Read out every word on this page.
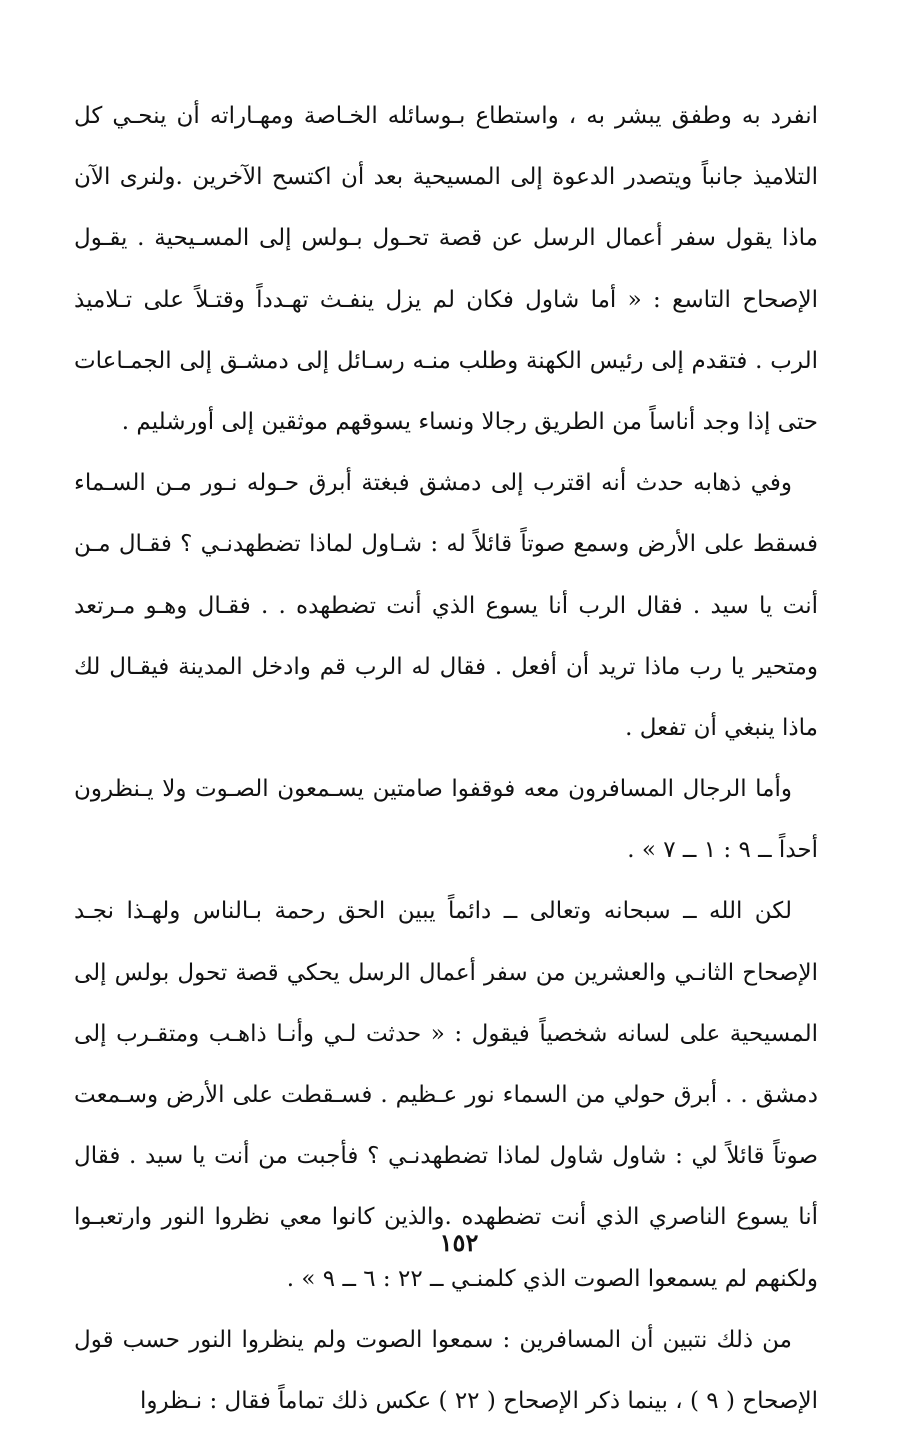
انفرد به وطفق يبشر به ، واستطاع بـوسائله الخـاصة ومهـاراته أن ينحـي كل
التلاميذ جانباً ويتصدر الدعوة إلى المسيحية بعد أن اكتسح الآخرين .ولنرى الآن
ماذا يقول سفر أعمال الرسل عن قصة تحـول بـولس إلى المسـيحية . يقـول
الإصحاح التاسع : « أما شاول فكان لم يزل ينفـث تهـدداً وقتـلاً على تـلاميذ
الرب . فتقدم إلى رئيس الكهنة وطلب منـه رسـائل إلى دمشـق إلى الجمـاعات
حتى إذا وجد أناساً من الطريق رجالا ونساء يسوقهم موثقين إلى أورشليم .
وفي ذهابه حدث أنه اقترب إلى دمشق فبغتة أبرق حـوله نـور مـن السـماء
فسقط على الأرض وسمع صوتاً قائلاً له : شـاول لماذا تضطهدنـي ؟ فقـال مـن
أنت يا سيد . فقال الرب أنا يسوع الذي أنت تضطهده . . فقـال وهـو مـرتعد
ومتحير يا رب ماذا تريد أن أفعل . فقال له الرب قم وادخل المدينة فيقـال لك
ماذا ينبغي أن تفعل .
وأما الرجال المسافرون معه فوقفوا صامتين يسـمعون الصـوت ولا يـنظرون
أحداً ــ ٩ : ١ ــ ٧ » .
لكن الله ــ سبحانه وتعالى ــ دائماً يبين الحق رحمة بـالناس ولهـذا نجـد
الإصحاح الثانـي والعشرين من سفر أعمال الرسل يحكي قصة تحول بولس إلى
المسيحية على لسانه شخصياً فيقول : « حدثت لـي وأنـا ذاهـب ومتقـرب إلى
دمشق . . أبرق حولي من السماء نور عـظيم . فسـقطت على الأرض وسـمعت
صوتاً قائلاً لي : شاول شاول لماذا تضطهدنـي ؟ فأجبت من أنت يا سيد . فقال
أنا يسوع الناصري الذي أنت تضطهده .والذين كانوا معي نظروا النور وارتعبـوا
ولكنهم لم يسمعوا الصوت الذي كلمنـي ــ ٢٢ : ٦ ــ ٩ » .
من ذلك نتبين أن المسافرين : سمعوا الصوت ولم ينظروا النور حسب قول
الإصحاح ( ٩ ) ، بينما ذكر الإصحاح ( ٢٢ ) عكس ذلك تماماً فقال : نـظروا
١٥٢
